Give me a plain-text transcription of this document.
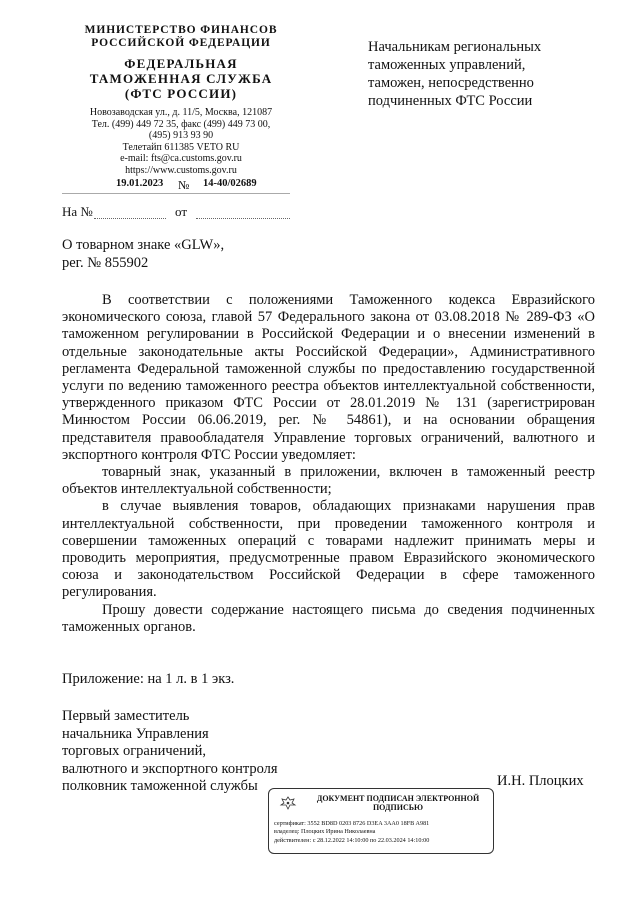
МИНИСТЕРСТВО ФИНАНСОВ
РОССИЙСКОЙ ФЕДЕРАЦИИ
ФЕДЕРАЛЬНАЯ
ТАМОЖЕННАЯ СЛУЖБА
(ФТС РОССИИ)
Новозаводская ул., д. 11/5, Москва, 121087
Тел. (499) 449 72 35, факс (499) 449 73 00,
(495) 913 93 90
Телетайп 611385 VETO RU
e-mail: fts@ca.customs.gov.ru
https://www.customs.gov.ru
19.01.2023 № 14-40/02689
На №	от
Начальникам региональных
таможенных управлений,
таможен, непосредственно
подчиненных ФТС России
О товарном знаке «GLW»,
рег. № 855902

В соответствии с положениями Таможенного кодекса Евразийского экономического союза, главой 57 Федерального закона от 03.08.2018 № 289-ФЗ «О таможенном регулировании в Российской Федерации и о внесении изменений в отдельные законодательные акты Российской Федерации», Административного регламента Федеральной таможенной службы по предоставлению государственной услуги по ведению таможенного реестра объектов интеллектуальной собственности, утвержденного приказом ФТС России от 28.01.2019 № 131 (зарегистрирован Минюстом России 06.06.2019, рег. № 54861), и на основании обращения представителя правообладателя Управление торговых ограничений, валютного и экспортного контроля ФТС России уведомляет:

товарный знак, указанный в приложении, включен в таможенный реестр объектов интеллектуальной собственности;

в случае выявления товаров, обладающих признаками нарушения прав интеллектуальной собственности, при проведении таможенного контроля и совершении таможенных операций с товарами надлежит принимать меры и проводить мероприятия, предусмотренные правом Евразийского экономического союза и законодательством Российской Федерации в сфере таможенного регулирования.

Прошу довести содержание настоящего письма до сведения подчиненных таможенных органов.

Приложение: на 1 л. в 1 экз.
Первый заместитель
начальника Управления
торговых ограничений,
валютного и экспортного контроля
полковник таможенной службы	И.Н. Плоцких
ДОКУМЕНТ ПОДПИСАН ЭЛЕКТРОННОЙ
ПОДПИСЬЮ
сертификат: 3552 BD8D 0203 8726 D3EA 3AA0 18FB A981
владелец: Плоцких Ирина Николаевна
действителен: с 28.12.2022 14:10:00 по 22.03.2024 14:10:00
